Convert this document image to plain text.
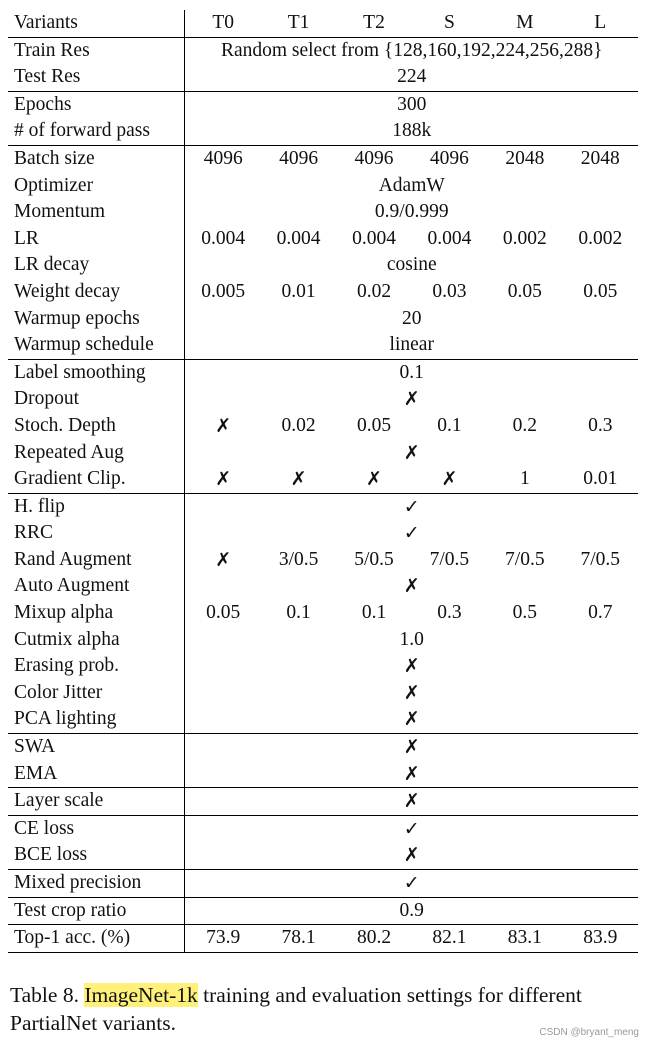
Variants	T0	T1	T2	S	M	L
Train Res	Random select from {128,160,192,224,256,288}					
Test Res	224					
Epochs	300					
# of forward pass	188k					
Batch size	4096	4096	4096	4096	2048	2048
Optimizer	AdamW					
Momentum	0.9/0.999					
LR	0.004	0.004	0.004	0.004	0.002	0.002
LR decay	cosine					
Weight decay	0.005	0.01	0.02	0.03	0.05	0.05
Warmup epochs	20					
Warmup schedule	linear					
Label smoothing	0.1					
Dropout	✗					
Stoch. Depth	✗	0.02	0.05	0.1	0.2	0.3
Repeated Aug	✗					
Gradient Clip.	✗	✗	✗	✗	1	0.01
H. flip	✓					
RRC	✓					
Rand Augment	✗	3/0.5	5/0.5	7/0.5	7/0.5	7/0.5
Auto Augment	✗					
Mixup alpha	0.05	0.1	0.1	0.3	0.5	0.7
Cutmix alpha	1.0					
Erasing prob.	✗					
Color Jitter	✗					
PCA lighting	✗					
SWA	✗					
EMA	✗					
Layer scale	✗					
CE loss	✓					
BCE loss	✗					
Mixed precision	✓					
Test crop ratio	0.9					
Top-1 acc. (%)	73.9	78.1	80.2	82.1	83.1	83.9
Table 8. ImageNet-1k training and evaluation settings for different PartialNet variants.	CSDN @bryant_meng
